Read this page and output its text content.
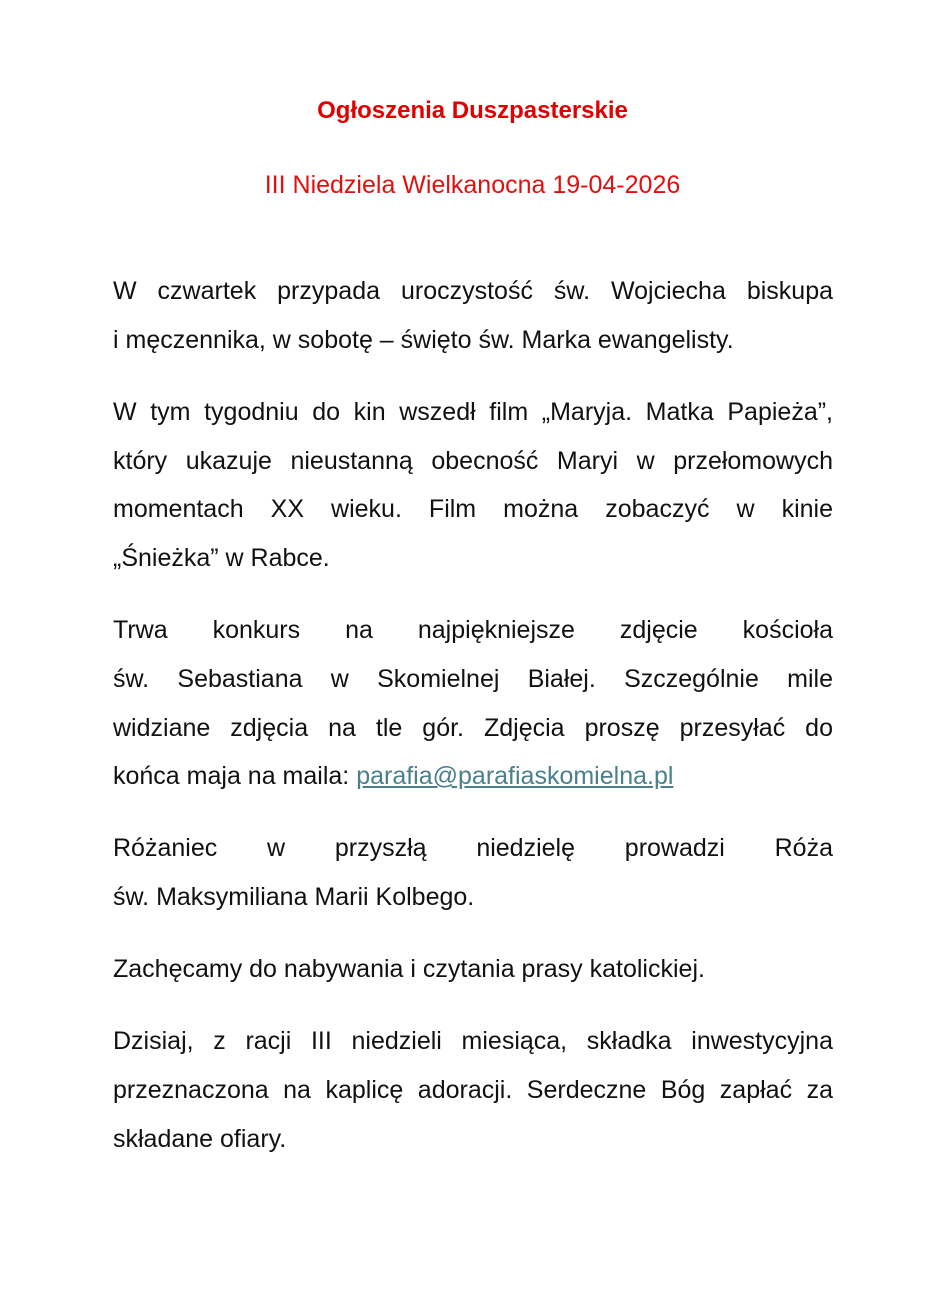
Ogłoszenia Duszpasterskie
III Niedziela Wielkanocna 19-04-2026
W czwartek przypada uroczystość św. Wojciecha biskupa
i męczennika, w sobotę – święto św. Marka ewangelisty.
W tym tygodniu do kin wszedł film „Maryja. Matka Papieża”,
który ukazuje nieustanną obecność Maryi w przełomowych
momentach XX wieku. Film można zobaczyć w kinie
„Śnieżka” w Rabce.
Trwa konkurs na najpiękniejsze zdjęcie kościoła
św. Sebastiana w Skomielnej Białej. Szczególnie mile
widziane zdjęcia na tle gór. Zdjęcia proszę przesyłać do
końca maja na maila: parafia@parafiaskomielna.pl
Różaniec w przyszłą niedzielę prowadzi Róża
św. Maksymiliana Marii Kolbego.
Zachęcamy do nabywania i czytania prasy katolickiej.
Dzisiaj, z racji III niedzieli miesiąca, składka inwestycyjna
przeznaczona na kaplicę adoracji. Serdeczne Bóg zapłać za
składane ofiary.
